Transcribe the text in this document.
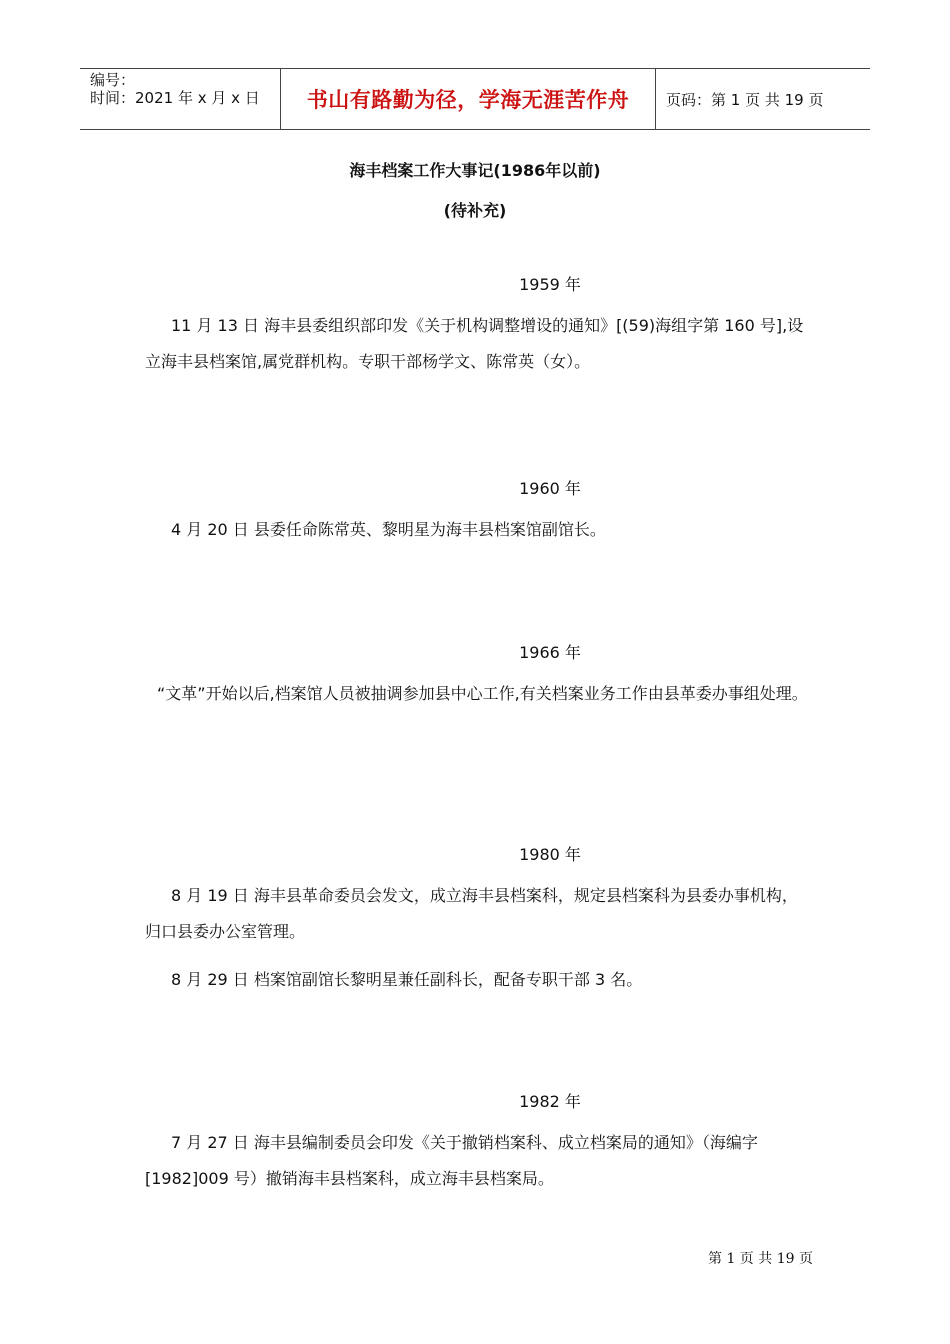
编号：
时间：2021 年 x 月 x 日	书山有路勤为径，学海无涯苦作舟	页码：第 1 页 共 19 页
海丰档案工作大事记(1986年以前)
(待补充)
1959 年
11 月 13 日 海丰县委组织部印发《关于机构调整增设的通知》[(59)海组字第 160 号],设立海丰县档案馆,属党群机构。专职干部杨学文、陈常英（女）。
1960 年
4 月 20 日 县委任命陈常英、黎明星为海丰县档案馆副馆长。
1966 年
“文革”开始以后,档案馆人员被抽调参加县中心工作,有关档案业务工作由县革委办事组处理。
1980 年
8 月 19 日 海丰县革命委员会发文，成立海丰县档案科，规定县档案科为县委办事机构，归口县委办公室管理。
8 月 29 日 档案馆副馆长黎明星兼任副科长，配备专职干部 3 名。
1982 年
7 月 27 日 海丰县编制委员会印发《关于撤销档案科、成立档案局的通知》（海编字[1982]009 号）撤销海丰县档案科，成立海丰县档案局。
第 1 页 共 19 页
